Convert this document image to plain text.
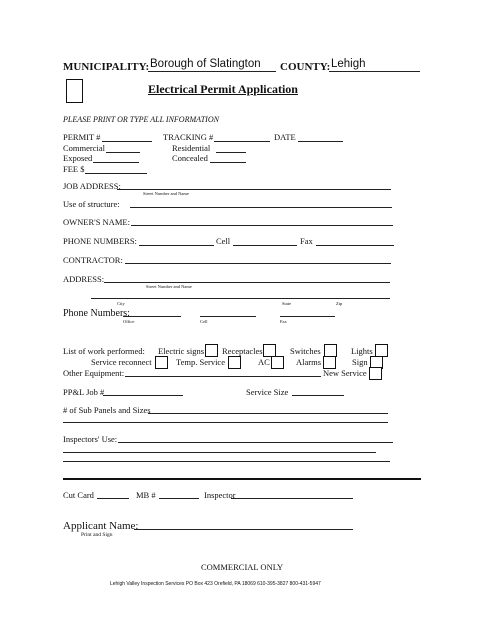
MUNICIPALITY: Borough of Slatington COUNTY: Lehigh
Electrical Permit Application
PLEASE PRINT OR TYPE ALL INFORMATION
PERMIT #	TRACKING #	DATE
Commercial	Residential
Exposed	Concealed
FEE $
JOB ADDRESS:
Street Number and Name
Use of structure:
OWNER'S NAME:
PHONE NUMBERS:	Cell	Fax
CONTRACTOR:
ADDRESS:
Street Number and Name
City	State	Zip
Phone Numbers:
Office	Cell	Fax
List of work performed: Electric signs Receptacles	Switches	Lights
Service reconnect	Temp. Service	AC	Alarms	Sign
Other Equipment:	New Service
PP&L Job #	Service Size
# of Sub Panels and Sizes
Inspectors' Use:
Cut Card	MB #	Inspector
Applicant Name:
Print and Sign
COMMERCIAL ONLY
Lehigh Valley Inspection Services PO Box 423 Orefield, PA 18069 610-395-3827 800-431-5947
